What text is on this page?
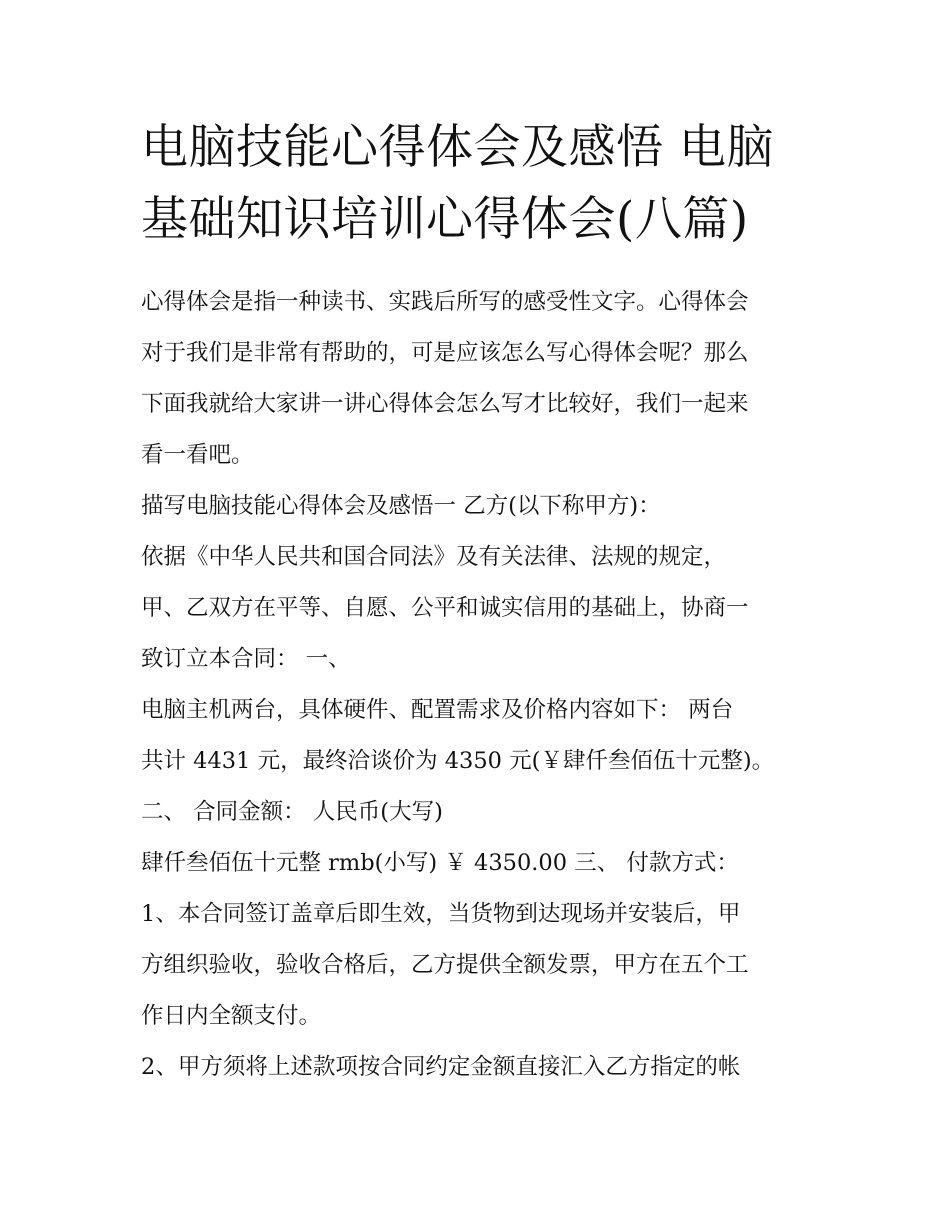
电脑技能心得体会及感悟 电脑
基础知识培训心得体会(八篇)

心得体会是指一种读书、实践后所写的感受性文字。心得体会
对于我们是非常有帮助的，可是应该怎么写心得体会呢？那么
下面我就给大家讲一讲心得体会怎么写才比较好，我们一起来
看一看吧。

描写电脑技能心得体会及感悟一 乙方(以下称甲方)：

依据《中华人民共和国合同法》及有关法律、法规的规定，
甲、乙双方在平等、自愿、公平和诚实信用的基础上，协商一
致订立本合同： 一、

电脑主机两台，具体硬件、配置需求及价格内容如下： 两台
共计 4431 元，最终洽谈价为 4350 元(￥肆仟叁佰伍十元整)。

二、 合同金额： 人民币(大写)

肆仟叁佰伍十元整 rmb(小写) ￥ 4350.00 三、 付款方式：

1、本合同签订盖章后即生效，当货物到达现场并安装后，甲
方组织验收，验收合格后，乙方提供全额发票，甲方在五个工
作日内全额支付。

2、甲方须将上述款项按合同约定金额直接汇入乙方指定的帐
